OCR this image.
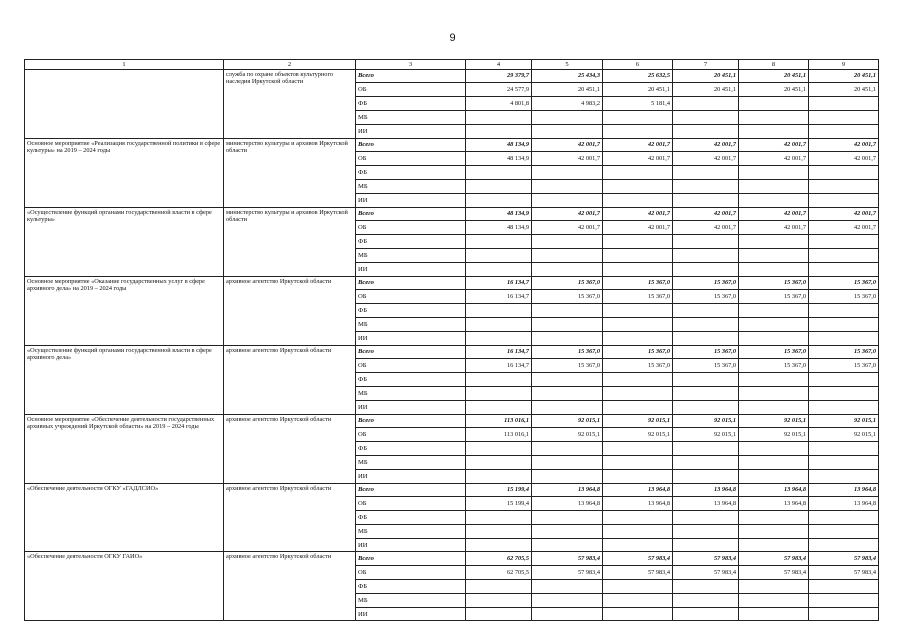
9
1	2	3	4	5	6	7	8	9
	служба по охране объектов культурного наследия Иркутской области	Всего	29 379,7	25 434,3	25 632,5	20 451,1	20 451,1	20 451,1
		ОБ	24 577,9	20 451,1	20 451,1	20 451,1	20 451,1	20 451,1
		ФБ	4 801,8	4 983,2	5 181,4			
		МБ						
		ИИ						
Основное мероприятие «Реализация государственной политики в сфере культуры» на 2019 – 2024 годы	министерство культуры и архивов Иркутской области	Всего	48 134,9	42 001,7	42 001,7	42 001,7	42 001,7	42 001,7
		ОБ	48 134,9	42 001,7	42 001,7	42 001,7	42 001,7	42 001,7
		ФБ						
		МБ						
		ИИ						
«Осуществление функций органами государственной власти в сфере культуры»	министерство культуры и архивов Иркутской области	Всего	48 134,9	42 001,7	42 001,7	42 001,7	42 001,7	42 001,7
		ОБ	48 134,9	42 001,7	42 001,7	42 001,7	42 001,7	42 001,7
		ФБ						
		МБ						
		ИИ						
Основное мероприятие «Оказание государственных услуг в сфере архивного дела» на 2019 – 2024 годы	архивное агентство Иркутской области	Всего	16 134,7	15 367,0	15 367,0	15 367,0	15 367,0	15 367,0
		ОБ	16 134,7	15 367,0	15 367,0	15 367,0	15 367,0	15 367,0
		ФБ						
		МБ						
		ИИ						
«Осуществление функций органами государственной власти в сфере архивного дела»	архивное агентство Иркутской области	Всего	16 134,7	15 367,0	15 367,0	15 367,0	15 367,0	15 367,0
		ОБ	16 134,7	15 367,0	15 367,0	15 367,0	15 367,0	15 367,0
		ФБ						
		МБ						
		ИИ						
Основное мероприятие «Обеспечение деятельности государственных архивных учреждений Иркутской области» на 2019 – 2024 годы	архивное агентство Иркутской области	Всего	113 016,1	92 015,1	92 015,1	92 015,1	92 015,1	92 015,1
		ОБ	113 016,1	92 015,1	92 015,1	92 015,1	92 015,1	92 015,1
		ФБ						
		МБ						
		ИИ						
«Обеспечение деятельности ОГКУ «ГАДЛСИО»	архивное агентство Иркутской области	Всего	15 199,4	13 964,8	13 964,8	13 964,8	13 964,8	13 964,8
		ОБ	15 199,4	13 964,8	13 964,8	13 964,8	13 964,8	13 964,8
		ФБ						
		МБ						
		ИИ						
«Обеспечение деятельности ОГКУ ГАИО»	архивное агентство Иркутской области	Всего	62 705,5	57 983,4	57 983,4	57 983,4	57 983,4	57 983,4
		ОБ	62 705,5	57 983,4	57 983,4	57 983,4	57 983,4	57 983,4
		ФБ						
		МБ						
		ИИ						
